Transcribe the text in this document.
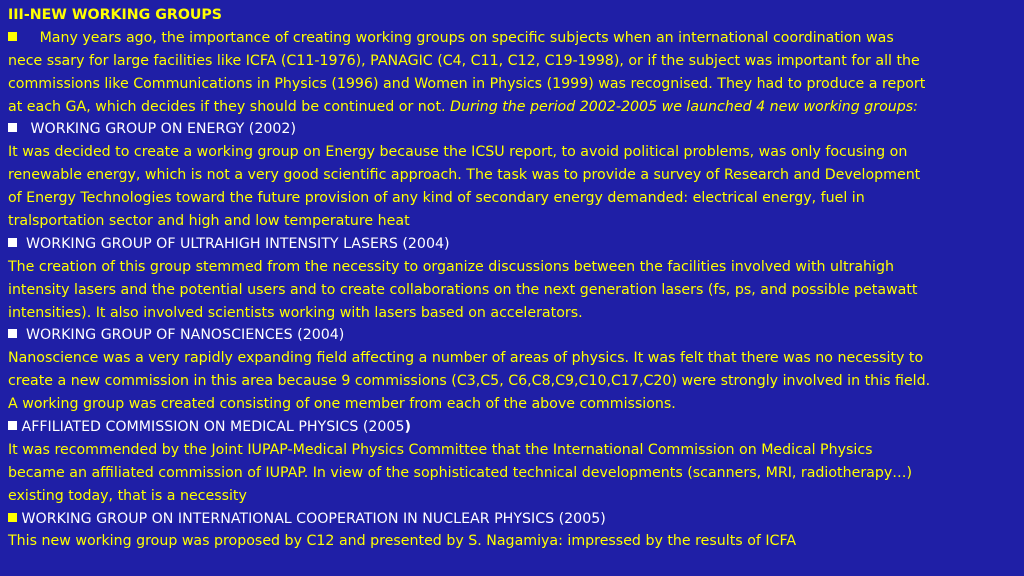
III-NEW WORKING GROUPS
Many years ago, the importance of creating working groups on specific subjects when an international coordination was
nece ssary for large facilities like ICFA (C11-1976), PANAGIC (C4, C11, C12, C19-1998), or if the subject was important for all the
commissions like Communications in Physics (1996) and Women in Physics (1999) was recognised. They had to produce a report
at each GA, which decides if they should be continued or not. During the period 2002-2005 we launched 4 new working groups:
WORKING GROUP ON ENERGY (2002)
It was decided to create a working group on Energy because the ICSU report, to avoid political problems, was only focusing on
renewable energy, which is not a very good scientific approach. The task was to provide a survey of Research and Development
of Energy Technologies toward the future provision of any kind of secondary energy demanded: electrical energy, fuel in
tralsportation sector and high and low temperature heat
WORKING GROUP OF ULTRAHIGH INTENSITY LASERS (2004)
The creation of this group stemmed from the necessity to organize discussions between the facilities involved with ultrahigh
intensity lasers and the potential users and to create collaborations on the next generation lasers (fs, ps, and possible petawatt
intensities). It also involved scientists working with lasers based on accelerators.
WORKING GROUP OF NANOSCIENCES (2004)
Nanoscience was a very rapidly expanding field affecting a number of areas of physics. It was felt that there was no necessity to
create a new commission in this area because 9 commissions (C3,C5, C6,C8,C9,C10,C17,C20) were strongly involved in this field.
A working group was created consisting of one member from each of the above commissions.
AFFILIATED COMMISSION ON MEDICAL PHYSICS (2005)
It was recommended by the Joint IUPAP-Medical Physics Committee that the International Commission on Medical Physics
became an affiliated commission of IUPAP. In view of the sophisticated technical developments (scanners, MRI, radiotherapy…)
existing today, that is a necessity
WORKING GROUP ON INTERNATIONAL COOPERATION IN NUCLEAR PHYSICS (2005)
This new working group was proposed by C12 and presented by S. Nagamiya: impressed by the results of ICFA
